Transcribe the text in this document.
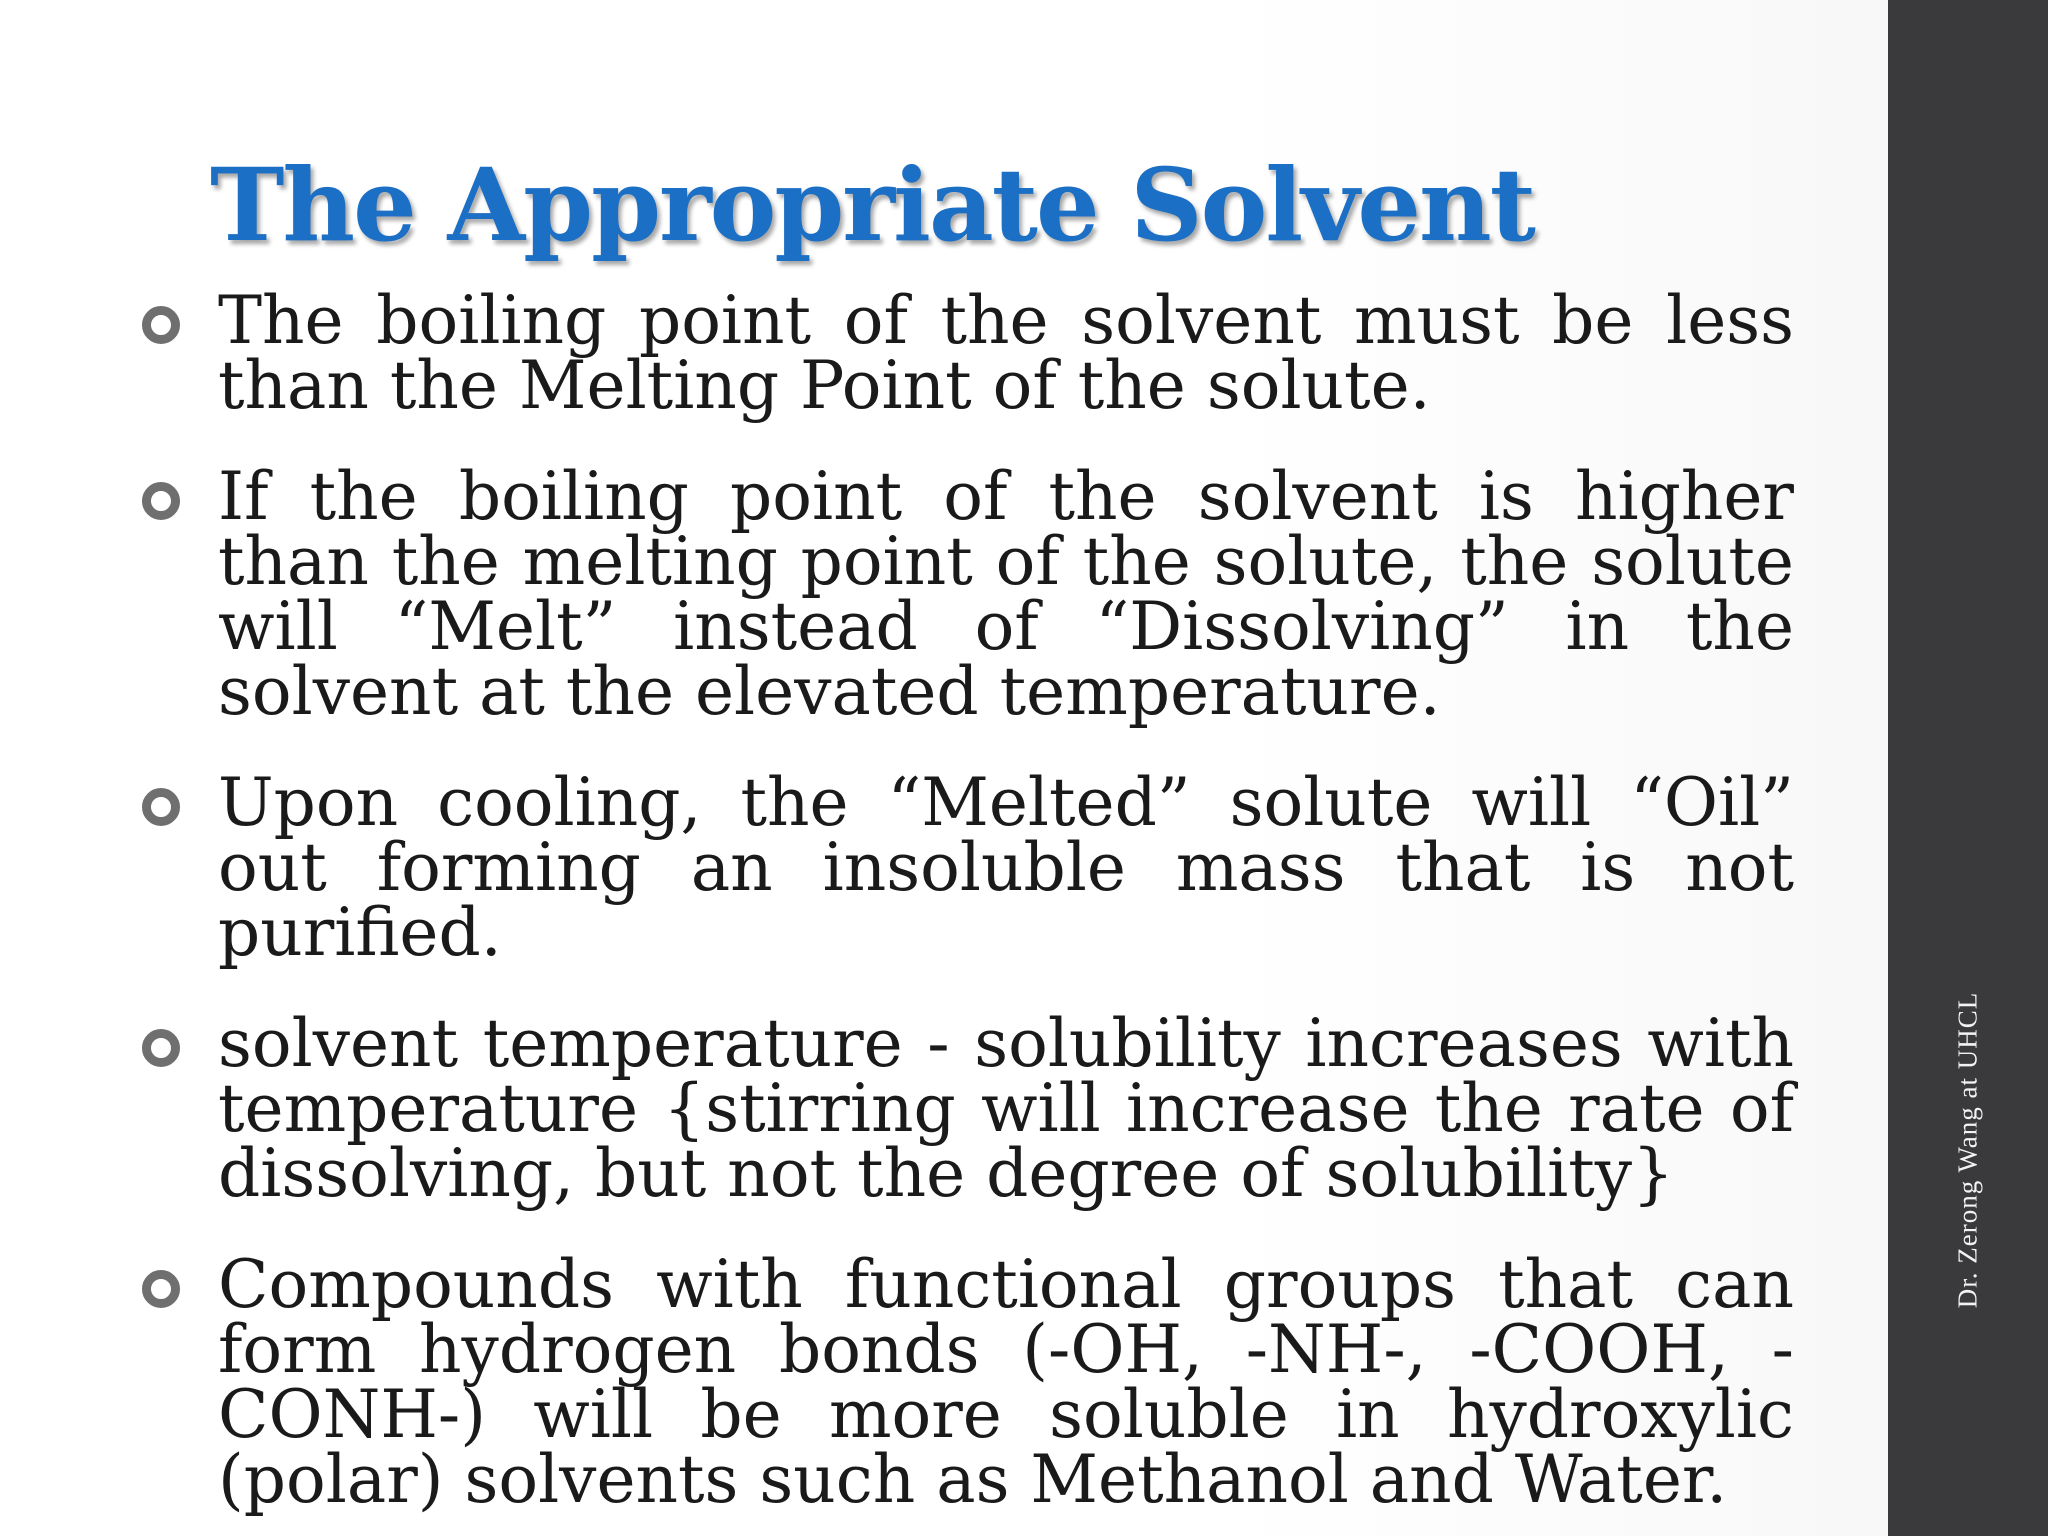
The Appropriate Solvent
The boiling point of the solvent must be less than the Melting Point of the solute.
If the boiling point of the solvent is higher than the melting point of the solute, the solute will “Melt” instead of “Dissolving” in the solvent at the elevated temperature.
Upon cooling, the “Melted” solute will “Oil” out forming an insoluble mass that is not purified.
solvent temperature - solubility increases with temperature {stirring will increase the rate of dissolving, but not the degree of solubility}
Compounds with functional groups that can form hydrogen bonds (-OH, -NH-, -COOH, -CONH-) will be more soluble in hydroxylic (polar) solvents such as Methanol and Water.
Dr. Zerong Wang at UHCL
